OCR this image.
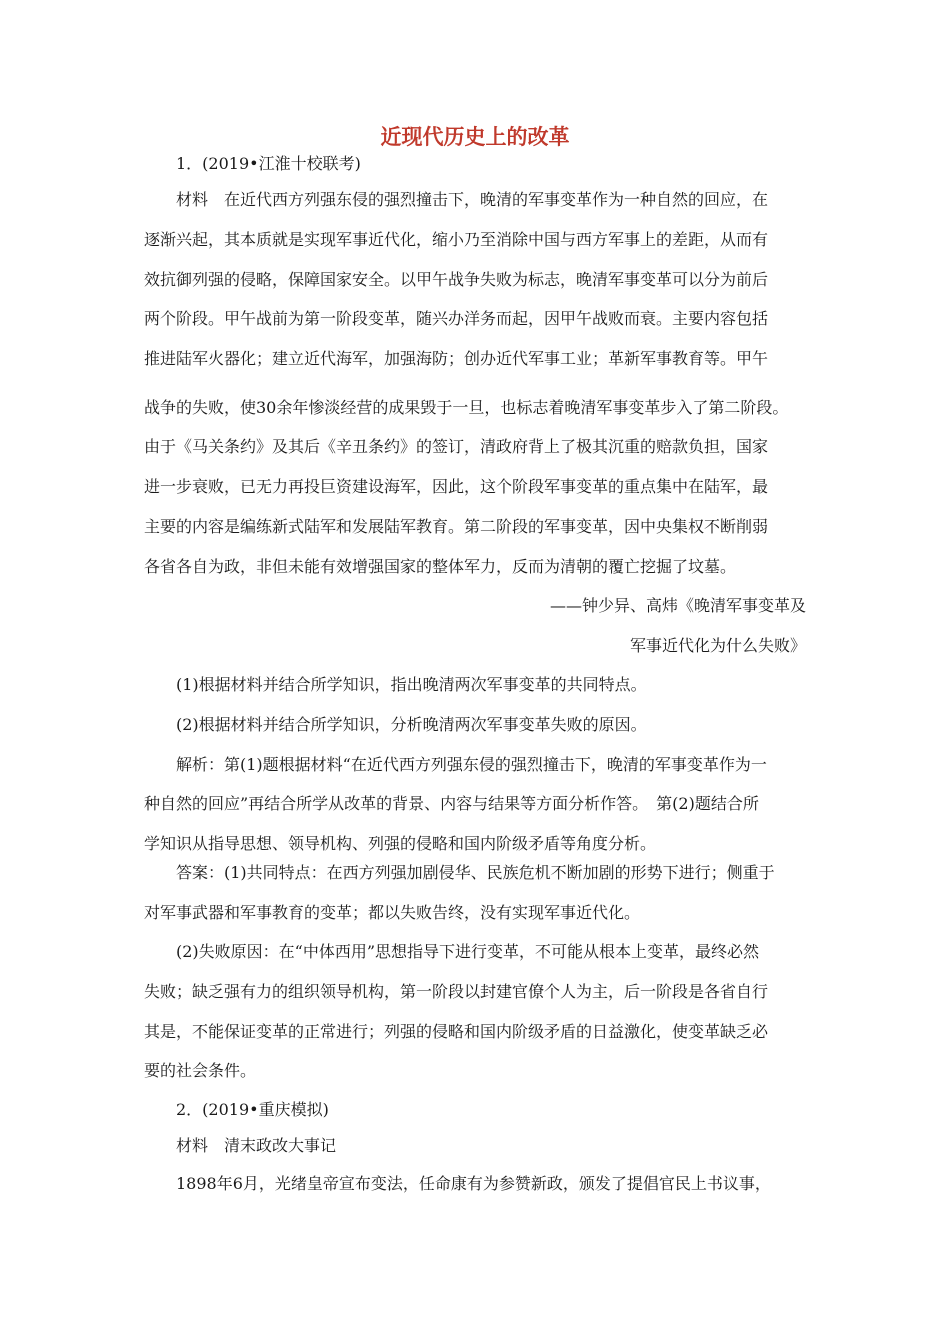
近现代历史上的改革
1．(2019•江淮十校联考)
材料　在近代西方列强东侵的强烈撞击下，晚清的军事变革作为一种自然的回应，在
逐渐兴起，其本质就是实现军事近代化，缩小乃至消除中国与西方军事上的差距，从而有
效抗御列强的侵略，保障国家安全。以甲午战争失败为标志，晚清军事变革可以分为前后
两个阶段。甲午战前为第一阶段变革，随兴办洋务而起，因甲午战败而衰。主要内容包括
推进陆军火器化；建立近代海军，加强海防；创办近代军事工业；革新军事教育等。甲午
战争的失败，使30余年惨淡经营的成果毁于一旦，也标志着晚清军事变革步入了第二阶段。
由于《马关条约》及其后《辛丑条约》的签订，清政府背上了极其沉重的赔款负担，国家
进一步衰败，已无力再投巨资建设海军，因此，这个阶段军事变革的重点集中在陆军，最
主要的内容是编练新式陆军和发展陆军教育。第二阶段的军事变革，因中央集权不断削弱
各省各自为政，非但未能有效增强国家的整体军力，反而为清朝的覆亡挖掘了坟墓。
——钟少异、高炜《晚清军事变革及
军事近代化为什么失败》
(1)根据材料并结合所学知识，指出晚清两次军事变革的共同特点。
(2)根据材料并结合所学知识，分析晚清两次军事变革失败的原因。
解析：第(1)题根据材料“在近代西方列强东侵的强烈撞击下，晚清的军事变革作为一
种自然的回应”再结合所学从改革的背景、内容与结果等方面分析作答。　第(2)题结合所
学知识从指导思想、领导机构、列强的侵略和国内阶级矛盾等角度分析。
答案：(1)共同特点：在西方列强加剧侵华、民族危机不断加剧的形势下进行；侧重于
对军事武器和军事教育的变革；都以失败告终，没有实现军事近代化。
(2)失败原因：在“中体西用”思想指导下进行变革，不可能从根本上变革，最终必然
失败；缺乏强有力的组织领导机构，第一阶段以封建官僚个人为主，后一阶段是各省自行
其是，不能保证变革的正常进行；列强的侵略和国内阶级矛盾的日益激化，使变革缺乏必
要的社会条件。
2．(2019•重庆模拟)
材料　清末政改大事记
1898年6月，光绪皇帝宣布变法，任命康有为参赞新政，颁发了提倡官民上书议事，
